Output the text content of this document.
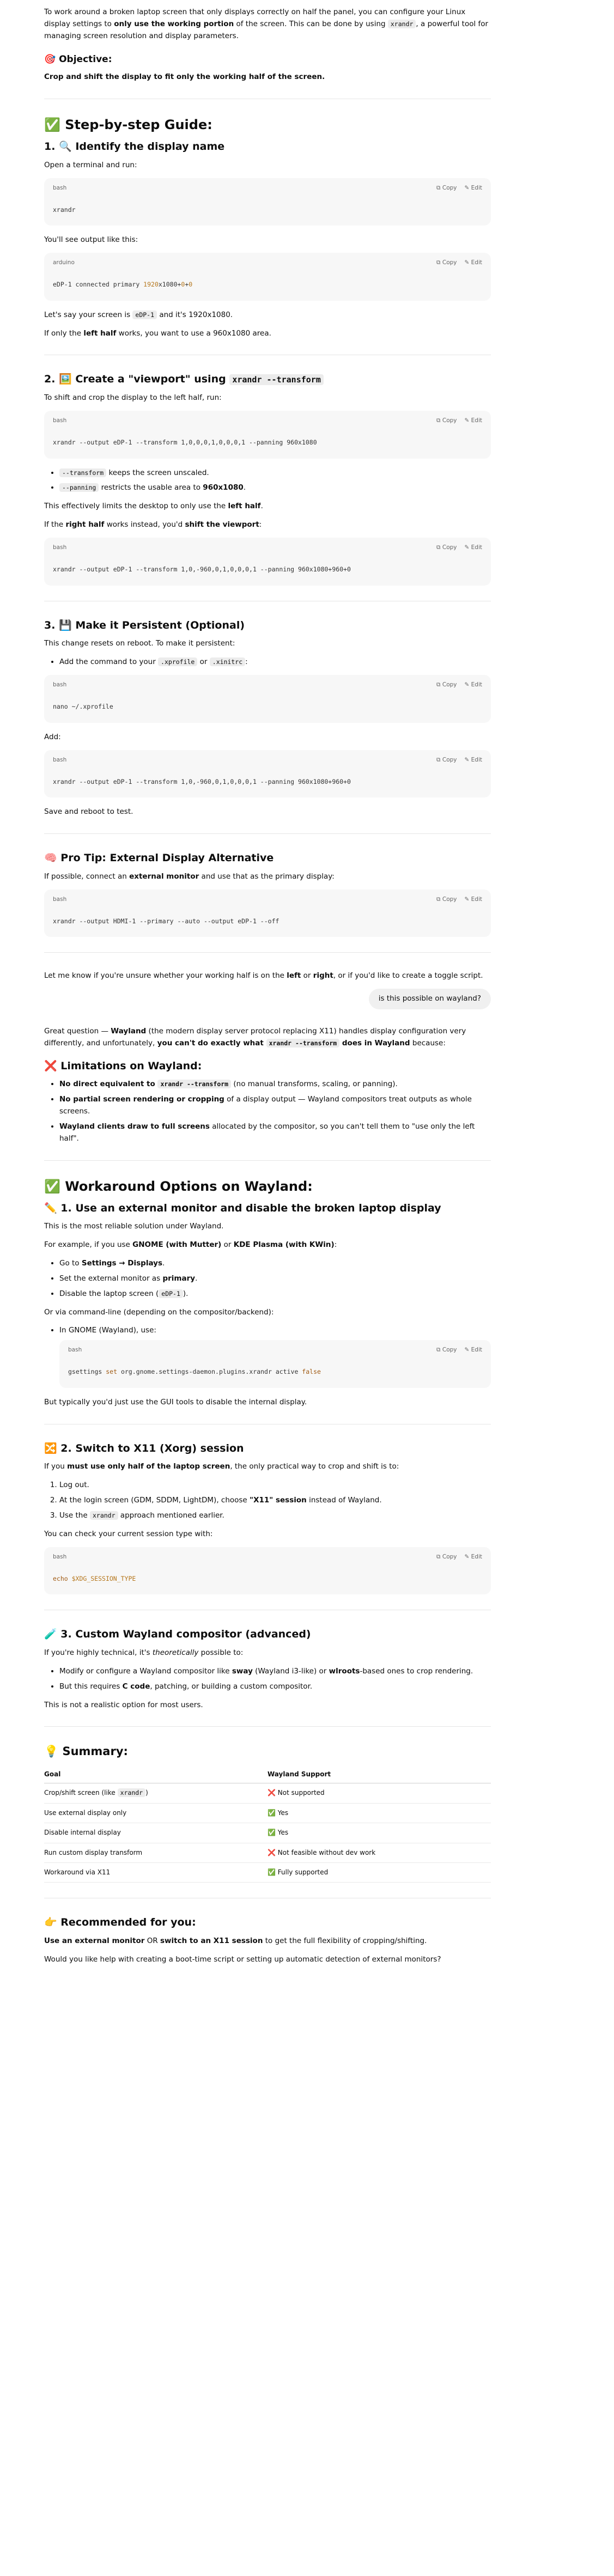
To work around a broken laptop screen that only displays correctly on half the panel, you can configure your Linux display settings to only use the working portion of the screen. This can be done by using xrandr , a powerful tool for managing screen resolution and display parameters.

🎯 Objective:

Crop and shift the display to fit only the working half of the screen.

✅ Step-by-step Guide:
1. 🔍 Identify the display name

Open a terminal and run:

bash	⧉ Copy ✎ Edit
xrandr

You'll see output like this:

arduino	⧉ Copy ✎ Edit
eDP-1 connected primary 1920x1080+0+0

Let's say your screen is eDP-1 and it's 1920x1080.

If only the left half works, you want to use a 960x1080 area.

2. 🖼️ Create a "viewport" using xrandr --transform

To shift and crop the display to the left half, run:

bash	⧉ Copy ✎ Edit
xrandr --output eDP-1 --transform 1,0,0,0,1,0,0,0,1 --panning 960x1080
• --transform keeps the screen unscaled.
• --panning restricts the usable area to 960x1080.

This effectively limits the desktop to only use the left half.

If the right half works instead, you'd shift the viewport:

bash	⧉ Copy ✎ Edit
xrandr --output eDP-1 --transform 1,0,-960,0,1,0,0,0,1 --panning 960x1080+960+0
3. 💾 Make it Persistent (Optional)

This change resets on reboot. To make it persistent:

• Add the command to your .xprofile or .xinitrc :
bash	⧉ Copy ✎ Edit
nano ~/.xprofile

Add:

bash	⧉ Copy ✎ Edit
xrandr --output eDP-1 --transform 1,0,-960,0,1,0,0,0,1 --panning 960x1080+960+0

Save and reboot to test.

🧠 Pro Tip: External Display Alternative

If possible, connect an external monitor and use that as the primary display:

bash	⧉ Copy ✎ Edit
xrandr --output HDMI-1 --primary --auto --output eDP-1 --off

Let me know if you're unsure whether your working half is on the left or right, or if you'd like to create a toggle script.

is this possible on wayland?

Great question — Wayland (the modern display server protocol replacing X11) handles display configuration very differently, and unfortunately, you can't do exactly what xrandr --transform does in Wayland because:

❌ Limitations on Wayland:
• No direct equivalent to xrandr --transform (no manual transforms, scaling, or panning).
• No partial screen rendering or cropping of a display output — Wayland compositors treat outputs as whole screens.
• Wayland clients draw to full screens allocated by the compositor, so you can't tell them to "use only the left half".
✅ Workaround Options on Wayland:
✏️ 1. Use an external monitor and disable the broken laptop display

This is the most reliable solution under Wayland.

For example, if you use GNOME (with Mutter) or KDE Plasma (with KWin):

• Go to Settings → Displays.
• Set the external monitor as primary.
• Disable the laptop screen ( eDP-1 ).

Or via command-line (depending on the compositor/backend):

• In GNOME (Wayland), use:
bash	⧉ Copy ✎ Edit
gsettings set org.gnome.settings-daemon.plugins.xrandr active false

But typically you'd just use the GUI tools to disable the internal display.

🔀 2. Switch to X11 (Xorg) session

If you must use only half of the laptop screen, the only practical way to crop and shift is to:

1. Log out.
2. At the login screen (GDM, SDDM, LightDM), choose "X11" session instead of Wayland.
3. Use the xrandr approach mentioned earlier.

You can check your current session type with:

bash	⧉ Copy ✎ Edit
echo $XDG_SESSION_TYPE
🧪 3. Custom Wayland compositor (advanced)

If you're highly technical, it's theoretically possible to:

• Modify or configure a Wayland compositor like sway (Wayland i3-like) or wlroots-based ones to crop rendering.
• But this requires C code, patching, or building a custom compositor.

This is not a realistic option for most users.

💡 Summary:
Goal	Wayland Support
Crop/shift screen (like xrandr )	❌ Not supported
Use external display only	✅ Yes
Disable internal display	✅ Yes
Run custom display transform	❌ Not feasible without dev work
Workaround via X11	✅ Fully supported
👉 Recommended for you:

Use an external monitor OR switch to an X11 session to get the full flexibility of cropping/shifting.

Would you like help with creating a boot-time script or setting up automatic detection of external monitors?
